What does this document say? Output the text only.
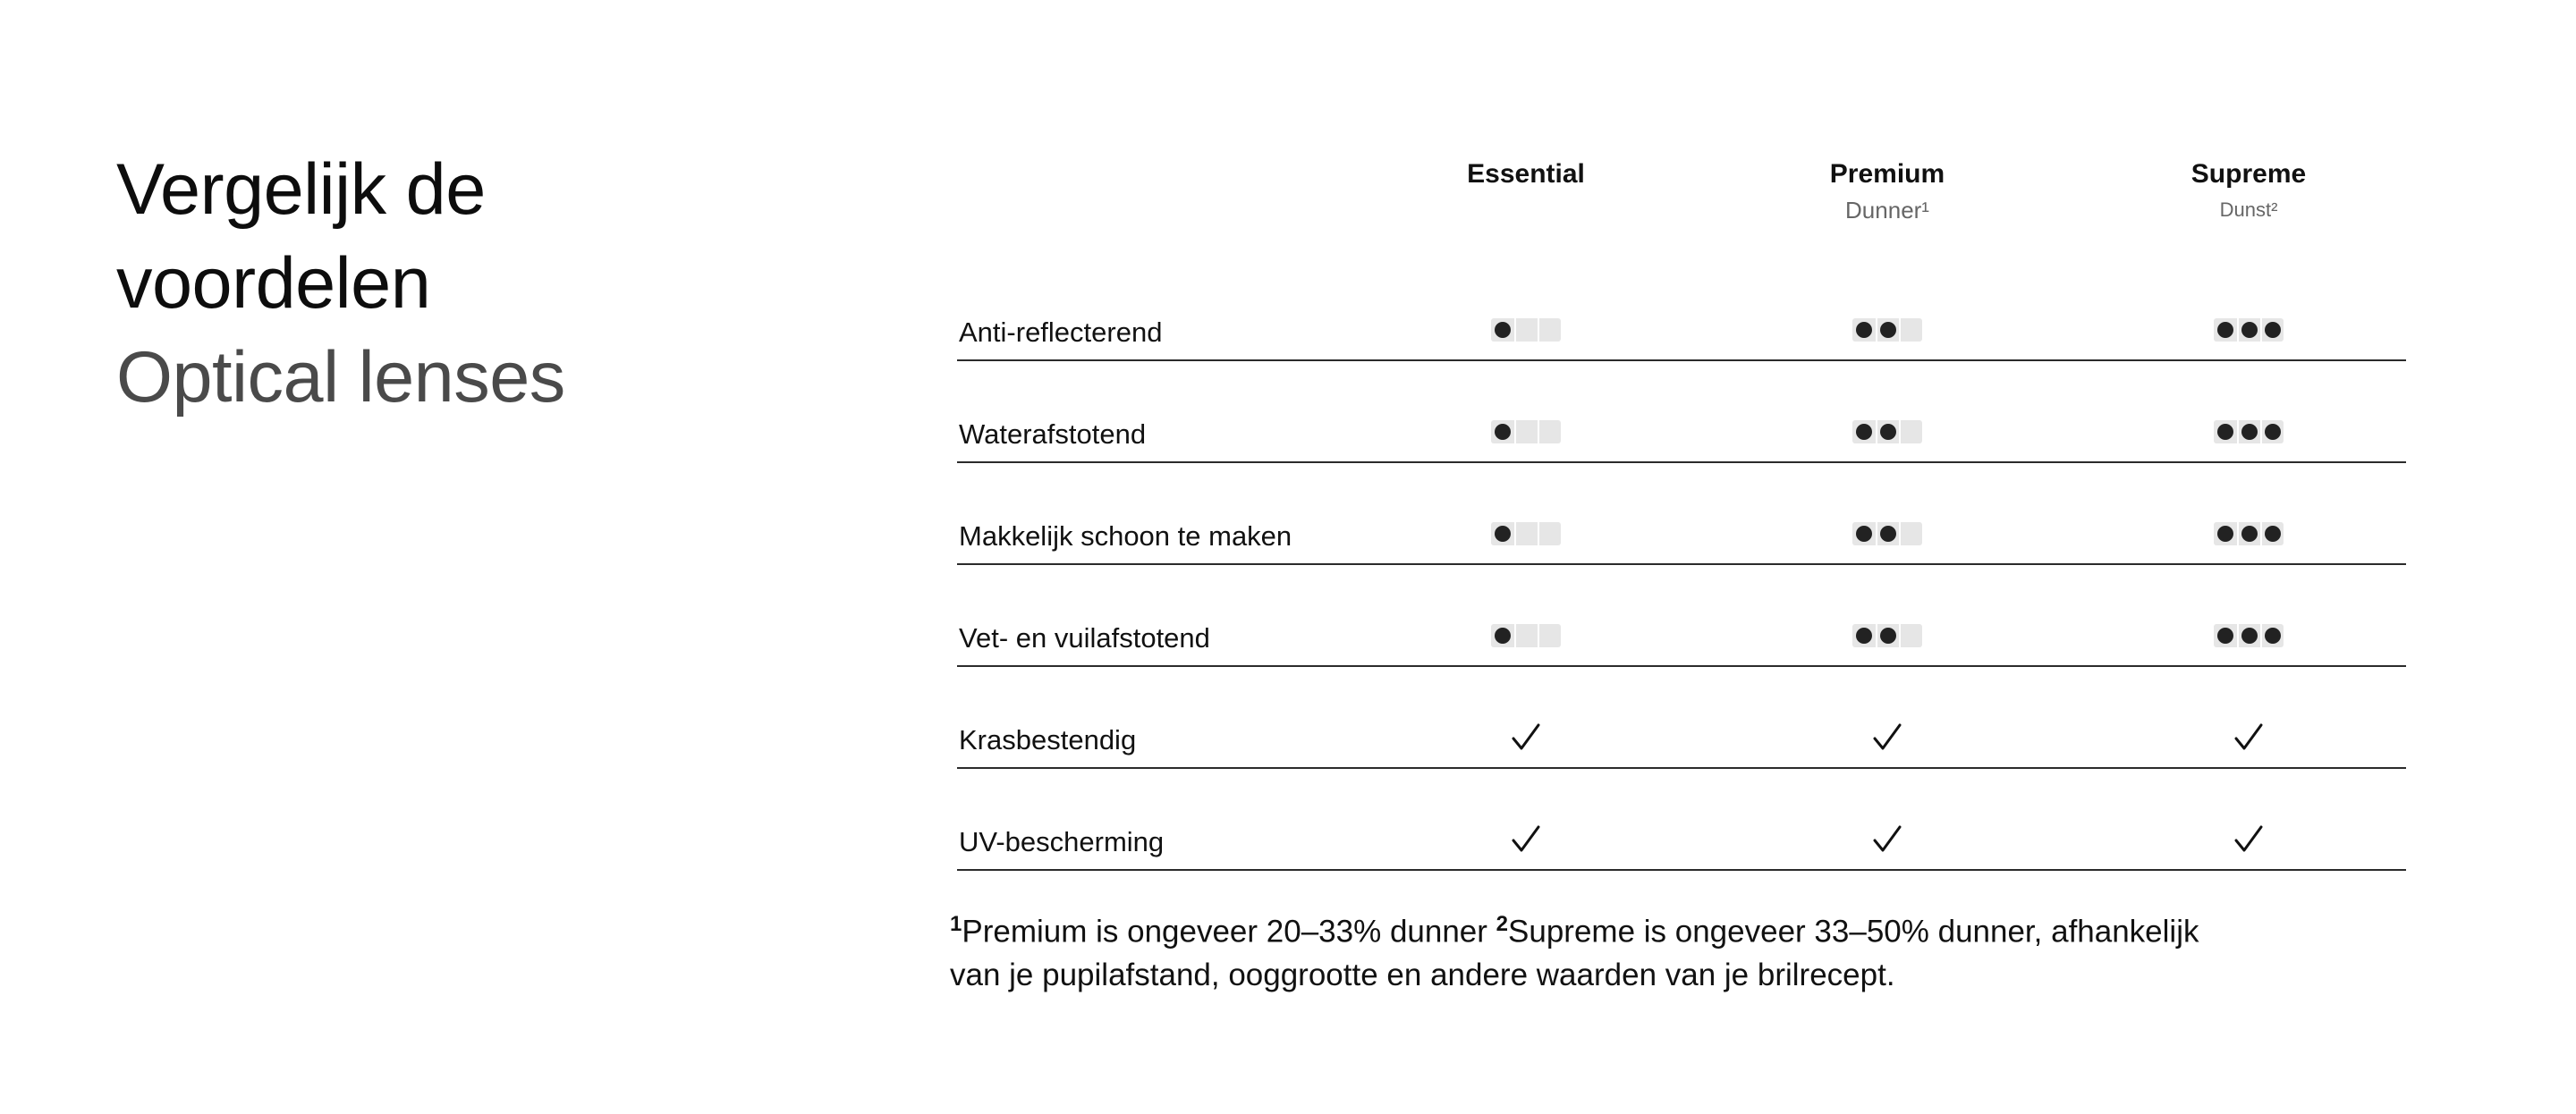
Vergelijk de
voordelen
Optical lenses
Essential	Premium
Dunner¹
Supreme
Dunst²
Anti-reflecterend
Waterafstotend
Makkelijk schoon te maken
Vet- en vuilafstotend
Krasbestendig
UV-bescherming
$^1$Premium is ongeveer 20–33% dunner $^2$Supreme is ongeveer 33–50% dunner, afhankelijk
van je pupilafstand, ooggrootte en andere waarden van je brilrecept.
